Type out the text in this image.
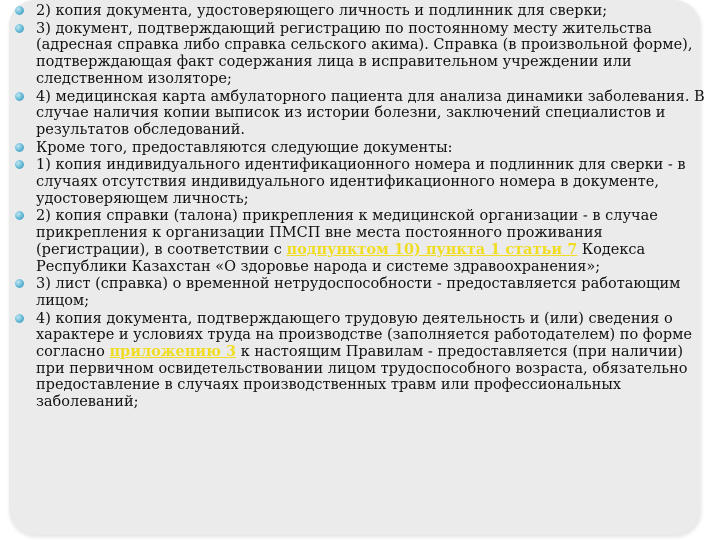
2) копия документа, удостоверяющего личность и подлинник для сверки;
3) документ, подтверждающий регистрацию по постоянному месту жительства (адресная справка либо справка сельского акима). Справка (в произвольной форме), подтверждающая факт содержания лица в исправительном учреждении или следственном изоляторе;
4) медицинская карта амбулаторного пациента для анализа динамики заболевания. В случае наличия копии выписок из истории болезни, заключений специалистов и результатов обследований.
Кроме того, предоставляются следующие документы:
1) копия индивидуального идентификационного номера и подлинник для сверки - в случаях отсутствия индивидуального идентификационного номера в документе, удостоверяющем личность;
2) копия справки (талона) прикрепления к медицинской организации - в случае прикрепления к организации ПМСП вне места постоянного проживания (регистрации), в соответствии с подпунктом 10) пункта 1 статьи 7 Кодекса Республики Казахстан «О здоровье народа и системе здравоохранения»;
3) лист (справка) о временной нетрудоспособности - предоставляется работающим лицом;
4) копия документа, подтверждающего трудовую деятельность и (или) сведения о характере и условиях труда на производстве (заполняется работодателем) по форме согласно приложению 3 к настоящим Правилам - предоставляется (при наличии) при первичном освидетельствовании лицом трудоспособного возраста, обязательно предоставление в случаях производственных травм или профессиональных заболеваний;
